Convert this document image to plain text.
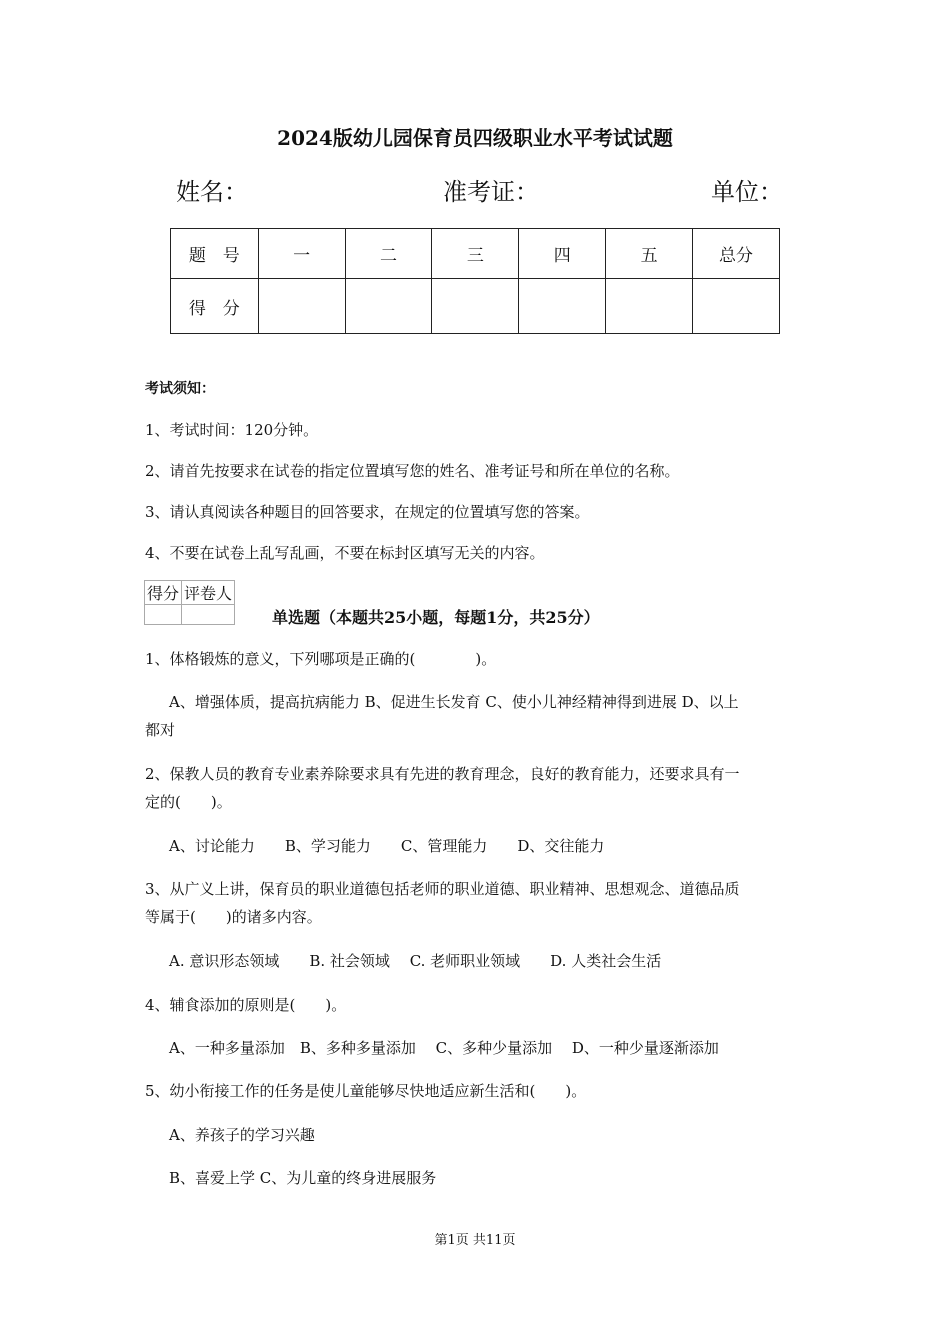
2024版幼儿园保育员四级职业水平考试试题
姓名：	准考证：	单位：
题　号	一	二	三	四	五	总分
得　分						
考试须知：
1、考试时间：120分钟。
2、请首先按要求在试卷的指定位置填写您的姓名、准考证号和所在单位的名称。
3、请认真阅读各种题目的回答要求，在规定的位置填写您的答案。
4、不要在试卷上乱写乱画，不要在标封区填写无关的内容。
得分	评卷人

单选题（本题共25小题，每题1分，共25分）
1、体格锻炼的意义，下列哪项是正确的(　　　　)。
A、增强体质，提高抗病能力 B、促进生长发育 C、使小儿神经精神得到进展 D、以上
都对
2、保教人员的教育专业素养除要求具有先进的教育理念，良好的教育能力，还要求具有一
定的(　　)。
A、讨论能力　　B、学习能力　　C、管理能力　　D、交往能力
3、从广义上讲，保育员的职业道德包括老师的职业道德、职业精神、思想观念、道德品质
等属于(　　)的诸多内容。
A. 意识形态领域　　B. 社会领域　 C. 老师职业领域　　D. 人类社会生活
4、辅食添加的原则是(　　)。
A、一种多量添加　B、多种多量添加　 C、多种少量添加　 D、一种少量逐渐添加
5、幼小衔接工作的任务是使儿童能够尽快地适应新生活和(　　)。
A、养孩子的学习兴趣
B、喜爱上学 C、为儿童的终身进展服务
第1页 共11页
